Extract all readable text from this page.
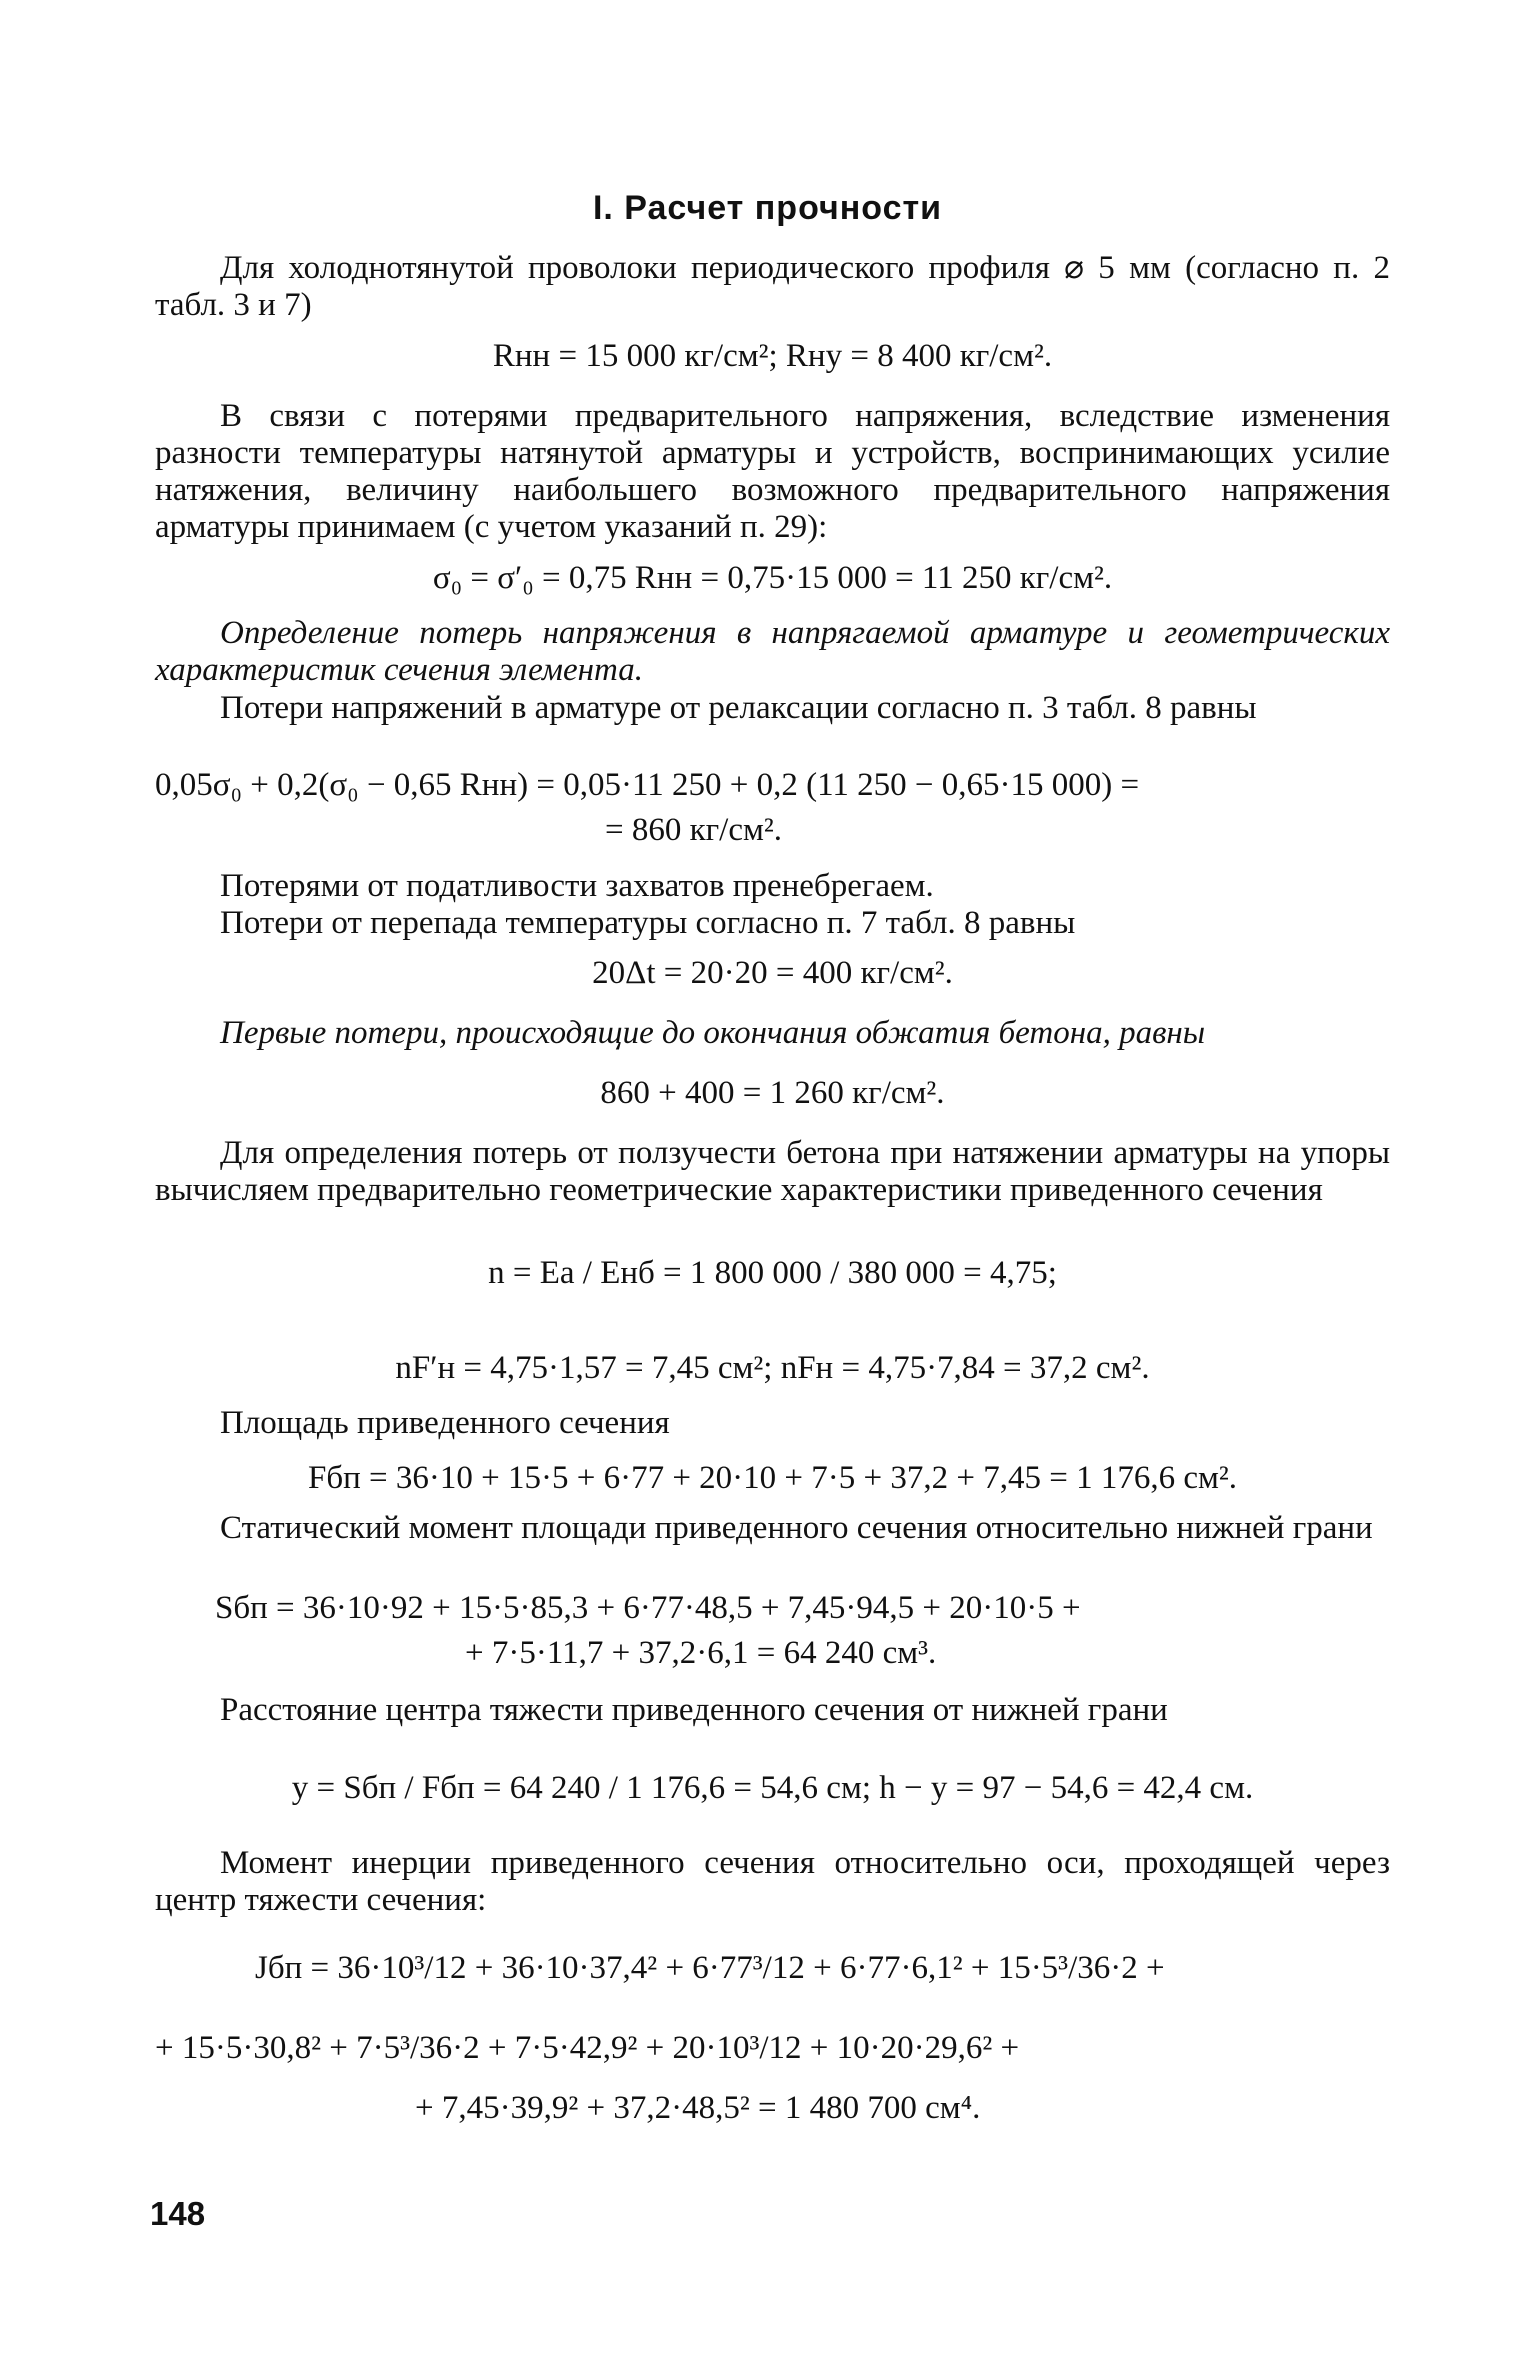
I. Расчет прочности

Для холоднотянутой проволоки периодического профиля ⌀ 5 мм (согласно п. 2 табл. 3 и 7)

Rнн = 15 000 кг/см²; Rну = 8 400 кг/см².

В связи с потерями предварительного напряжения, вследствие изменения разности температуры натянутой арматуры и устройств, воспринимающих усилие натяжения, величину наибольшего возможного предварительного напряжения арматуры принимаем (с учетом указаний п. 29):

σ₀ = σ′₀ = 0,75 Rнн = 0,75·15 000 = 11 250 кг/см².

Определение потерь напряжения в напрягаемой арматуре и геометрических характеристик сечения элемента.

Потери напряжений в арматуре от релаксации согласно п. 3 табл. 8 равны

0,05σ₀ + 0,2(σ₀ − 0,65 Rнн) = 0,05·11 250 + 0,2 (11 250 − 0,65·15 000) =
= 860 кг/см².

Потерями от податливости захватов пренебрегаем.

Потери от перепада температуры согласно п. 7 табл. 8 равны

20Δt = 20·20 = 400 кг/см².

Первые потери, происходящие до окончания обжатия бетона, равны

860 + 400 = 1 260 кг/см².

Для определения потерь от ползучести бетона при натяжении арматуры на упоры вычисляем предварительно геометрические характеристики приведенного сечения

n = Eа / Eнб = 1 800 000 / 380 000 = 4,75;
nF′н = 4,75·1,57 = 7,45 см²; nFн = 4,75·7,84 = 37,2 см².

Площадь приведенного сечения

Fбп = 36·10 + 15·5 + 6·77 + 20·10 + 7·5 + 37,2 + 7,45 = 1 176,6 см².

Статический момент площади приведенного сечения относительно нижней грани

Sбп = 36·10·92 + 15·5·85,3 + 6·77·48,5 + 7,45·94,5 + 20·10·5 +
+ 7·5·11,7 + 37,2·6,1 = 64 240 см³.

Расстояние центра тяжести приведенного сечения от нижней грани

y = Sбп / Fбп = 64 240 / 1 176,6 = 54,6 см; h − y = 97 − 54,6 = 42,4 см.

Момент инерции приведенного сечения относительно оси, проходящей через центр тяжести сечения:

Jбп = 36·10³/12 + 36·10·37,4² + 6·77³/12 + 6·77·6,1² + 15·5³/36·2 +
+ 15·5·30,8² + 7·5³/36·2 + 7·5·42,9² + 20·10³/12 + 10·20·29,6² +
+ 7,45·39,9² + 37,2·48,5² = 1 480 700 см⁴.
148
